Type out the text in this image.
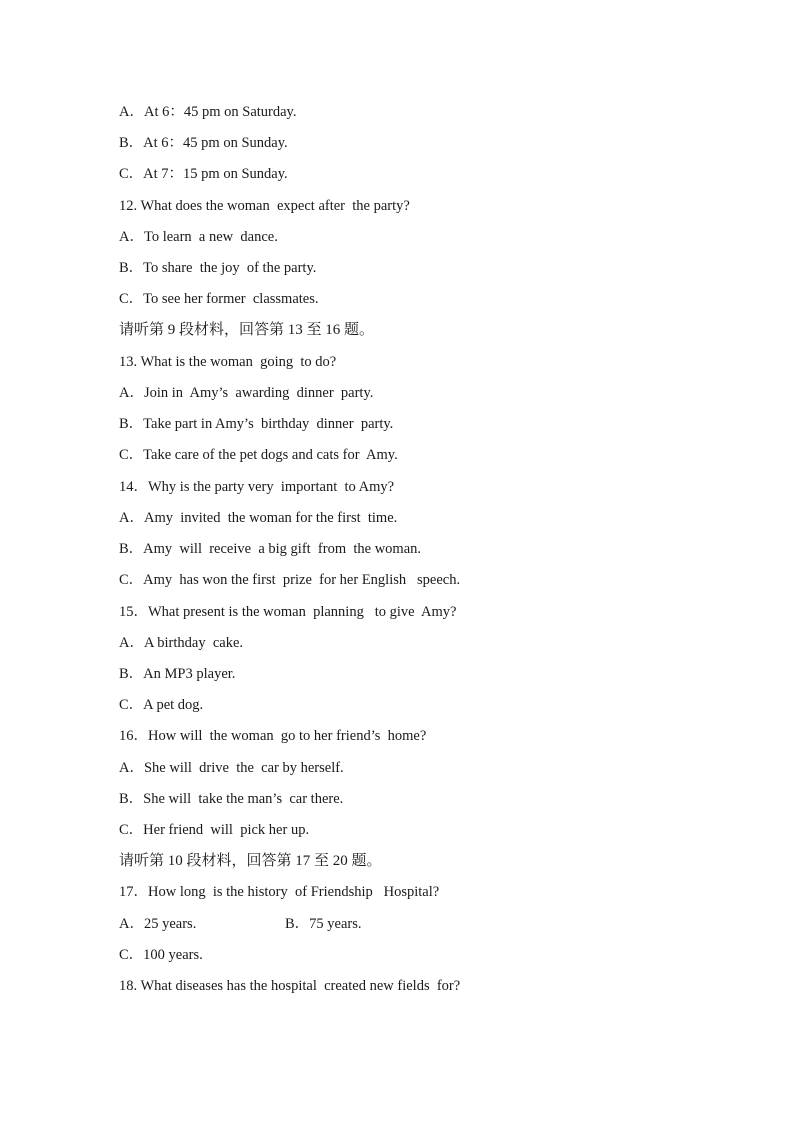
A．At 6：45 pm on Saturday.
B．At 6：45 pm on Sunday.
C．At 7：15 pm on Sunday.
12. What does the woman  expect after  the party?
A．To learn  a new  dance.
B．To share  the joy  of the party.
C．To see her former  classmates.
请听第 9 段材料，回答第 13 至 16 题。
13. What is the woman  going  to do?
A．Join in  Amy’s  awarding  dinner  party.
B．Take part in Amy’s  birthday  dinner  party.
C．Take care of the pet dogs and cats for  Amy.
14．Why is the party very  important  to Amy?
A．Amy  invited  the woman for the first  time.
B．Amy  will  receive  a big gift  from  the woman.
C．Amy  has won the first  prize  for her English   speech.
15．What present is the woman  planning   to give  Amy?
A．A birthday  cake.
B．An MP3 player.
C．A pet dog.
16．How will  the woman  go to her friend’s  home?
A．She will  drive  the  car by herself.
B．She will  take the man’s  car there.
C．Her friend  will  pick her up.
请听第 10 段材料，回答第 17 至 20 题。
17．How long  is the history  of Friendship   Hospital?
A．25 years.	B．75 years.
C．100 years.
18. What diseases has the hospital  created new fields  for?
